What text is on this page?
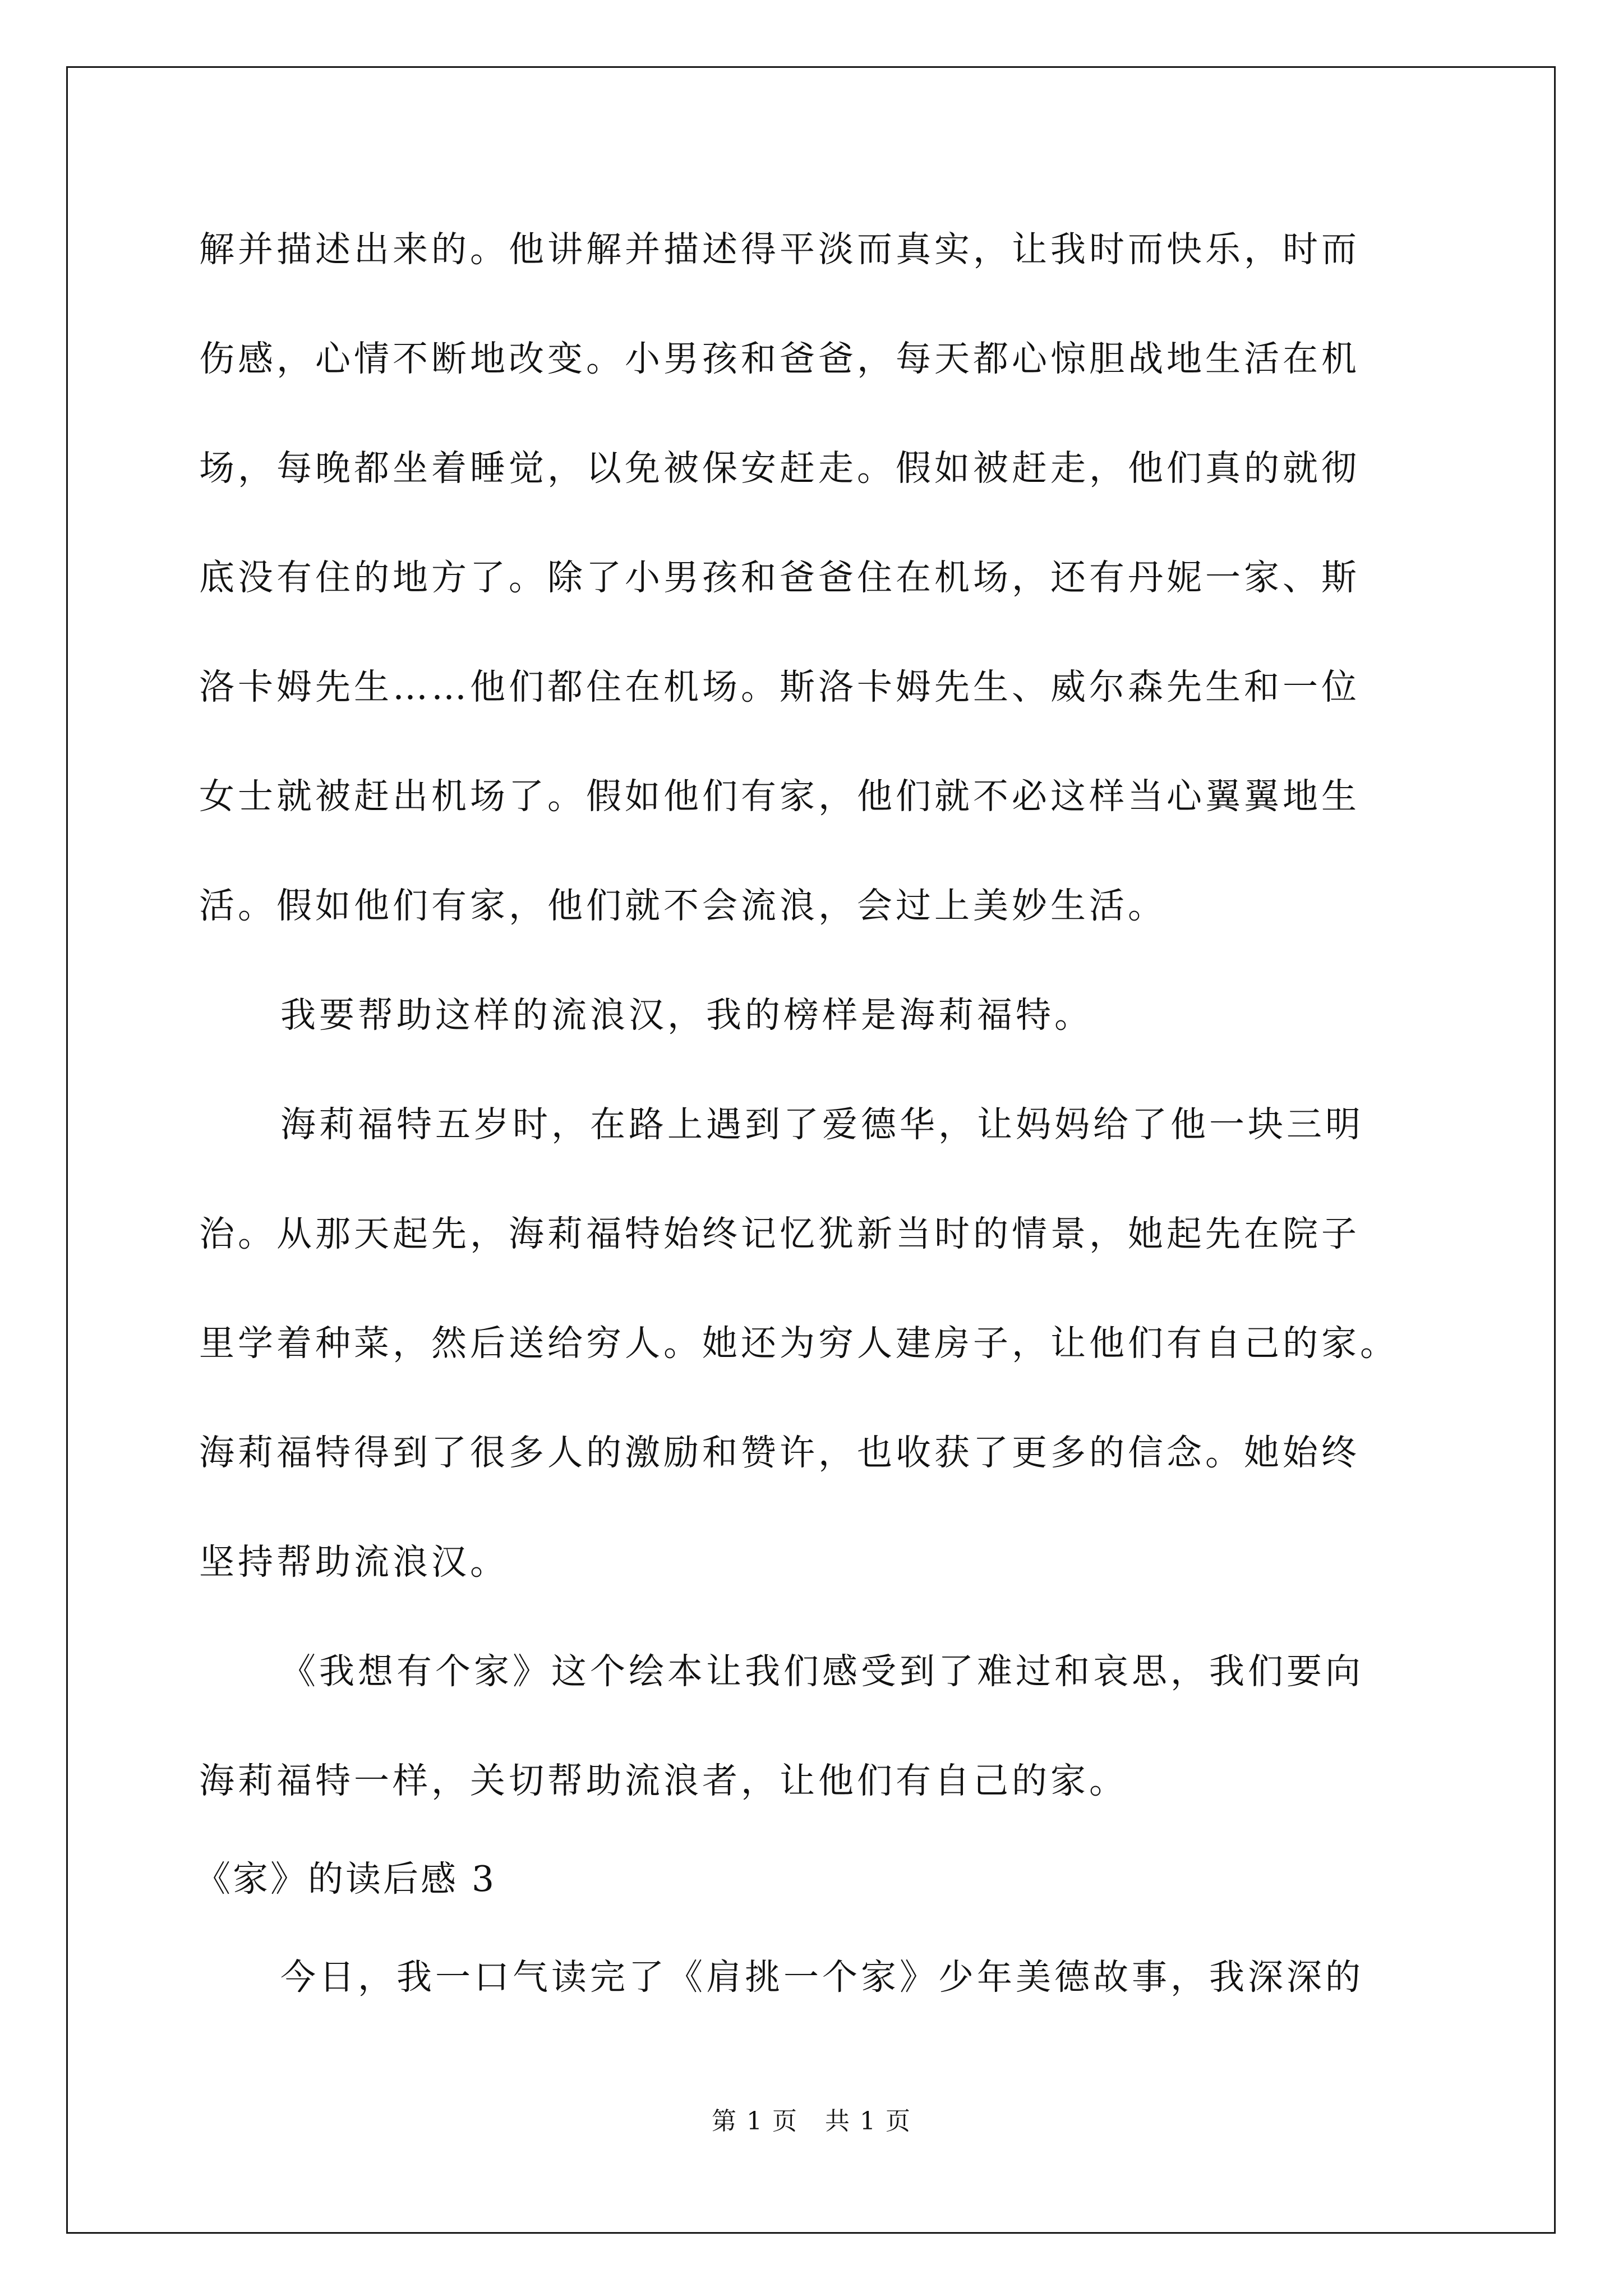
解并描述出来的。他讲解并描述得平淡而真实，让我时而快乐，时而
伤感，心情不断地改变。小男孩和爸爸，每天都心惊胆战地生活在机
场，每晚都坐着睡觉，以免被保安赶走。假如被赶走，他们真的就彻
底没有住的地方了。除了小男孩和爸爸住在机场，还有丹妮一家、斯
洛卡姆先生……他们都住在机场。斯洛卡姆先生、威尔森先生和一位
女士就被赶出机场了。假如他们有家，他们就不必这样当心翼翼地生
活。假如他们有家，他们就不会流浪，会过上美妙生活。
我要帮助这样的流浪汉，我的榜样是海莉福特。
海莉福特五岁时，在路上遇到了爱德华，让妈妈给了他一块三明
治。从那天起先，海莉福特始终记忆犹新当时的情景，她起先在院子
里学着种菜，然后送给穷人。她还为穷人建房子，让他们有自己的家。
海莉福特得到了很多人的激励和赞许，也收获了更多的信念。她始终
坚持帮助流浪汉。
《我想有个家》这个绘本让我们感受到了难过和哀思，我们要向
海莉福特一样，关切帮助流浪者，让他们有自己的家。
《家》的读后感 3
今日，我一口气读完了《肩挑一个家》少年美德故事，我深深的
第 1 页 共 1 页
